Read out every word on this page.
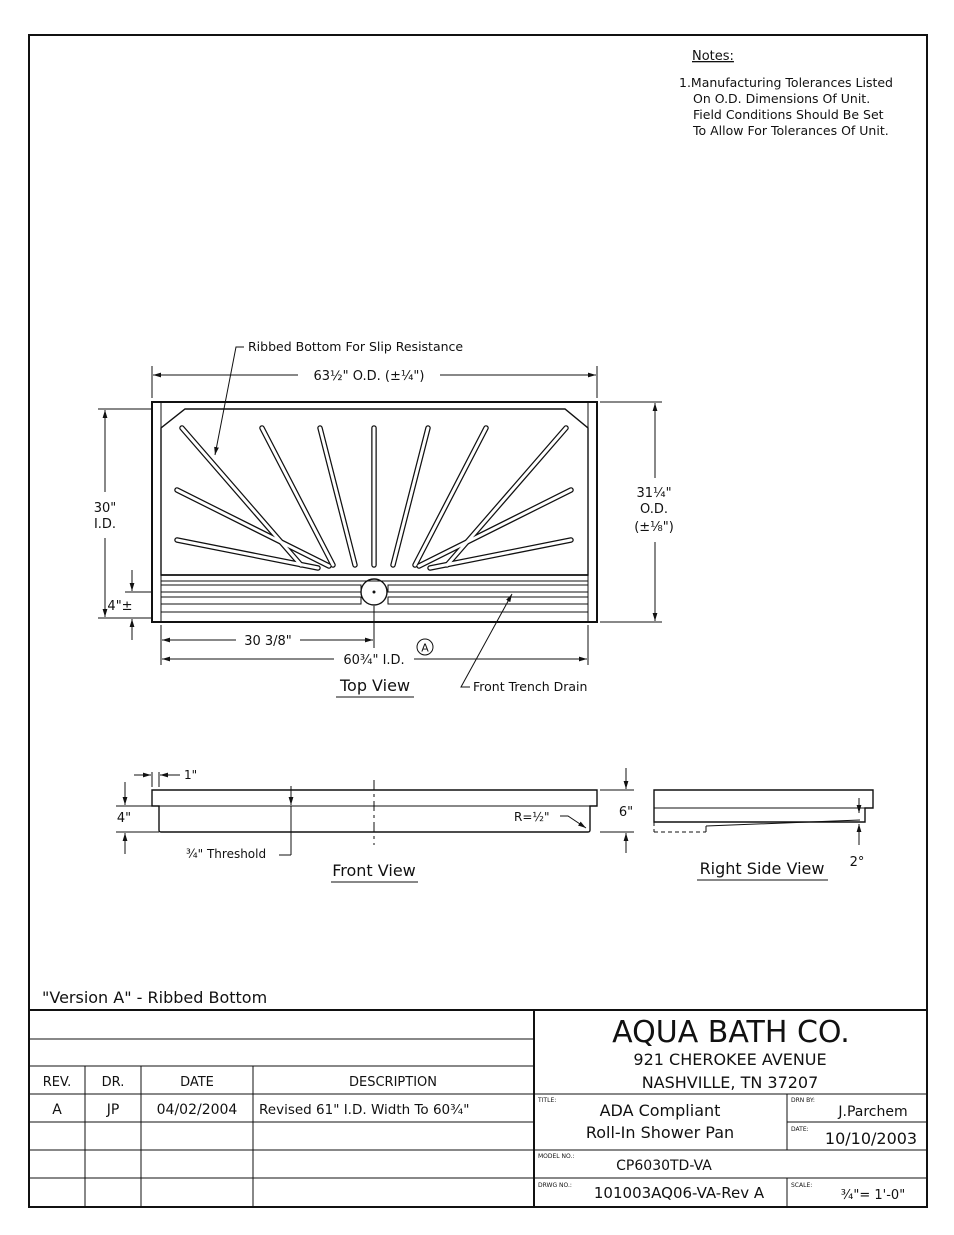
Notes:
1.Manufacturing Tolerances Listed
On O.D. Dimensions Of Unit.
Field Conditions Should Be Set
To Allow For Tolerances Of Unit.
Ribbed Bottom For Slip Resistance
63½" O.D. (±¼")
30"
I.D.
4"±
31¼"
O.D.
(±⅛")
30 3/8"
60¾" I.D.
A
Front Trench Drain
Top View
1"
4"	6"
R=½"
¾" Threshold
Front View	2°
Right Side View
"Version A" - Ribbed Bottom
REV. DR.	DATE	DESCRIPTION
A	JP	04/02/2004 Revised 61" I.D. Width To 60¾"
AQUA BATH CO.
921 CHEROKEE AVENUE
NASHVILLE, TN 37207
TITLE:
ADA Compliant
Roll-In Shower Pan
DRN BY:
J.Parchem
DATE: 10/10/2003
MODEL NO.:
CP6030TD-VA
DRWG NO.: 101003AQ06-VA-Rev A	SCALE:
¾"= 1'-0"
